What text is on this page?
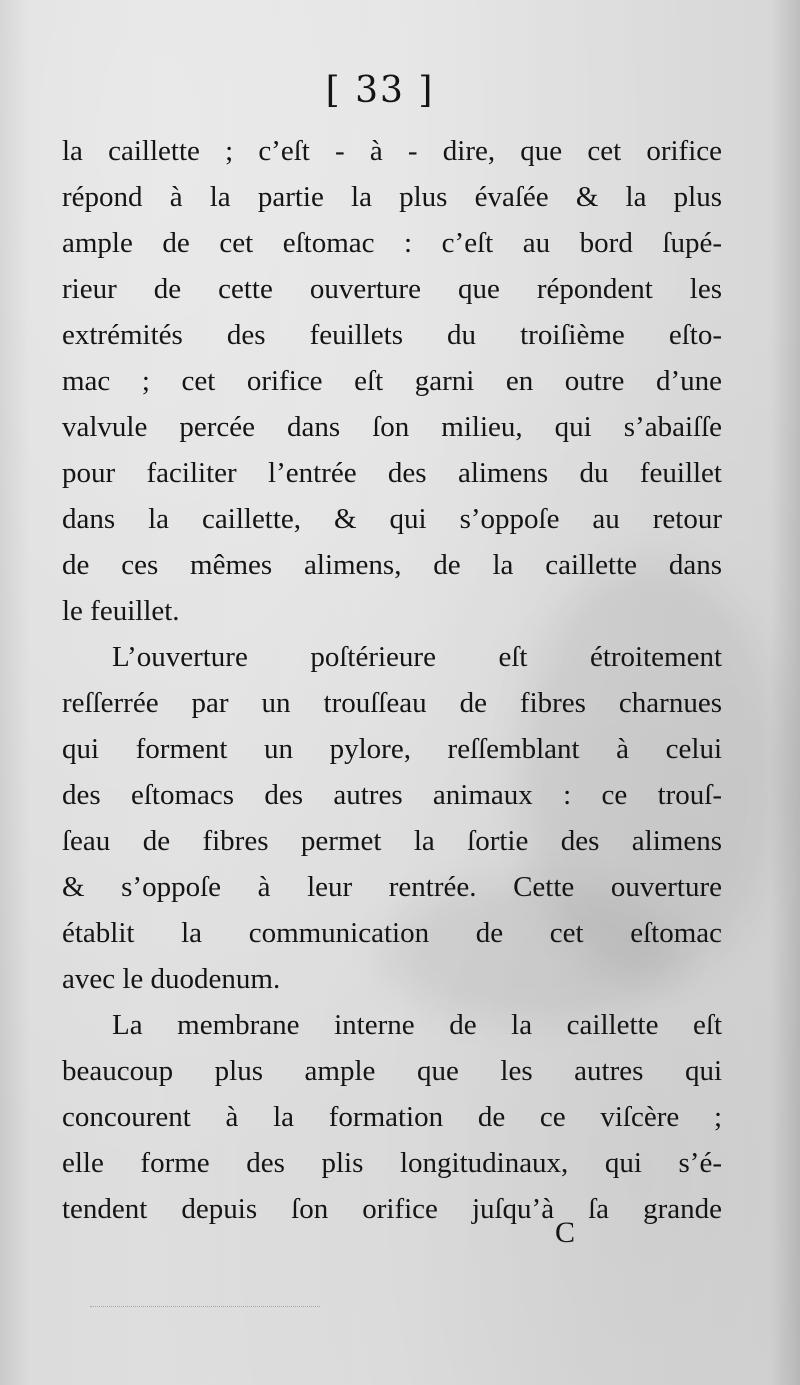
[ 33 ]
la caillette ; c’eſt - à - dire, que cet orifice
répond à la partie la plus évaſée & la plus
ample de cet eſtomac : c’eſt au bord ſupé-
rieur de cette ouverture que répondent les
extrémités des feuillets du troiſième eſto-
mac ; cet orifice eſt garni en outre d’une
valvule percée dans ſon milieu, qui s’abaiſſe
pour faciliter l’entrée des alimens du feuillet
dans la caillette, & qui s’oppoſe au retour
de ces mêmes alimens, de la caillette dans
le feuillet.
L’ouverture poſtérieure eſt étroitement
reſſerrée par un trouſſeau de fibres charnues
qui forment un pylore, reſſemblant à celui
des eſtomacs des autres animaux : ce trouſ-
ſeau de fibres permet la ſortie des alimens
& s’oppoſe à leur rentrée. Cette ouverture
établit la communication de cet eſtomac
avec le duodenum.
La membrane interne de la caillette eſt
beaucoup plus ample que les autres qui
concourent à la formation de ce viſcère ;
elle forme des plis longitudinaux, qui s’é-
tendent depuis ſon orifice juſqu’à ſa grande
C
